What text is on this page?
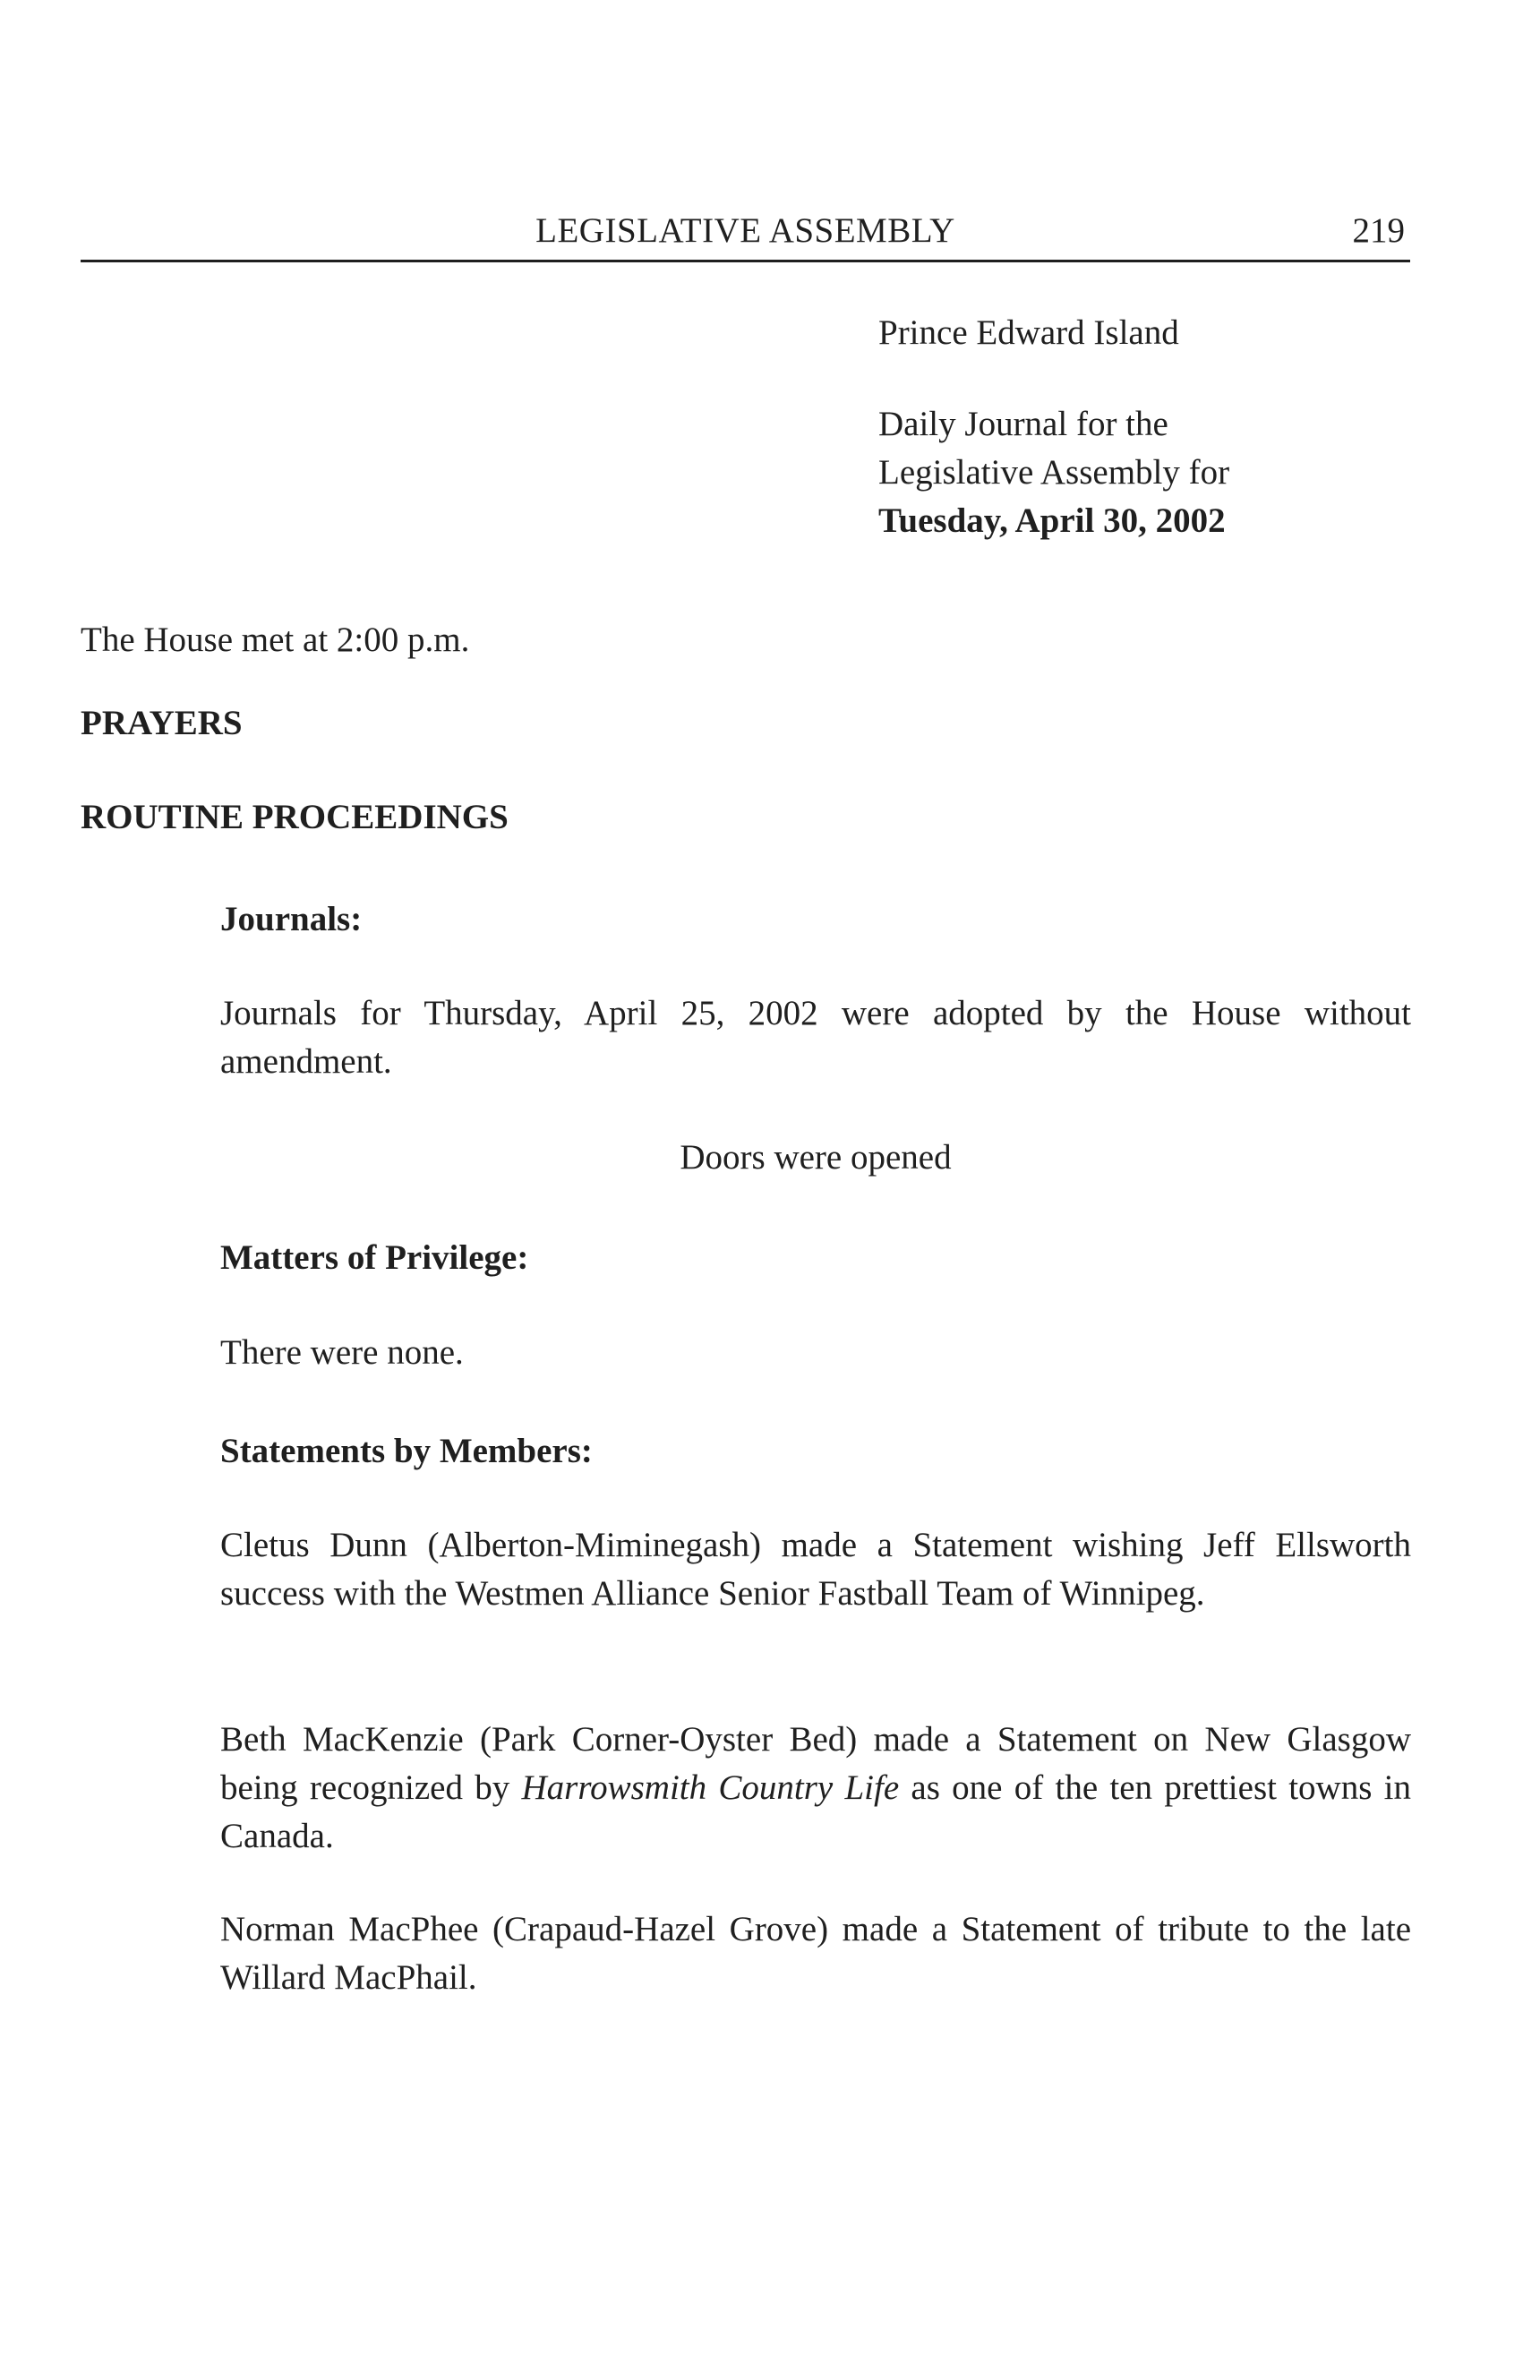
LEGISLATIVE ASSEMBLY	219

Prince Edward Island

Daily Journal for the

Legislative Assembly for

Tuesday, April 30, 2002

The House met at 2:00 p.m.

PRAYERS

ROUTINE PROCEEDINGS

Journals:

Journals for Thursday, April 25, 2002 were adopted by the House without amendment.

Doors were opened

Matters of Privilege:

There were none.

Statements by Members:

Cletus Dunn (Alberton-Miminegash) made a Statement wishing Jeff Ellsworth success with the Westmen Alliance Senior Fastball Team of Winnipeg.

Beth MacKenzie (Park Corner-Oyster Bed) made a Statement on New Glasgow being recognized by Harrowsmith Country Life as one of the ten prettiest towns in Canada.

Norman MacPhee (Crapaud-Hazel Grove) made a Statement of tribute to the late Willard MacPhail.
